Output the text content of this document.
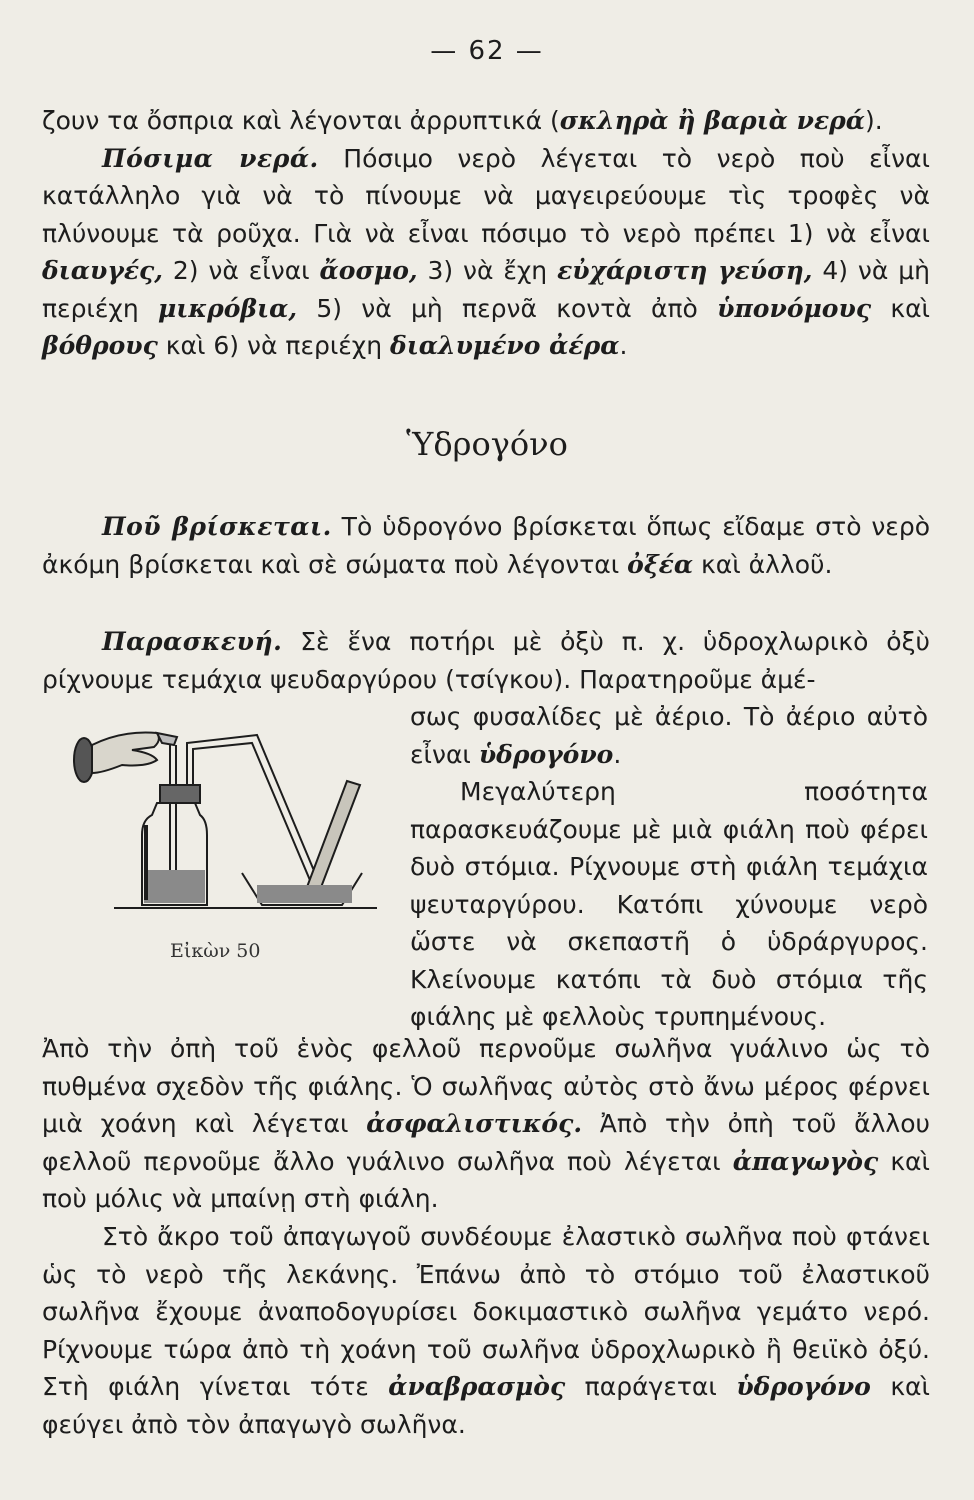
— 62 —

ζουν τα ὄσπρια καὶ λέγονται ἀρρυπτικά (σκληρὰ ἢ βαριὰ νερά).

Πόσιμα νερά. Πόσιμο νερὸ λέγεται τὸ νερὸ ποὺ εἶναι κατάλληλο γιὰ νὰ τὸ πίνουμε νὰ μαγειρεύουμε τὶς τροφὲς νὰ πλύνουμε τὰ ροῦχα. Γιὰ νὰ εἶναι πόσιμο τὸ νερὸ πρέπει 1) νὰ εἶναι διαυγές, 2) νὰ εἶναι ἄοσμο, 3) νὰ ἔχη εὐχάριστη γεύση, 4) νὰ μὴ περιέχη μικρόβια, 5) νὰ μὴ περνᾶ κοντὰ ἀπὸ ὑπονόμους καὶ βόθρους καὶ 6) νὰ περιέχη διαλυμένο ἀέρα.

Ὑδρογόνο

Ποῦ βρίσκεται. Τὸ ὑδρογόνο βρίσκεται ὅπως εἴδαμε στὸ νερὸ ἀκόμη βρίσκεται καὶ σὲ σώματα ποὺ λέγονται ὀξέα καὶ ἀλλοῦ.

Παρασκευή. Σὲ ἕνα ποτήρι μὲ ὀξὺ π. χ. ὑδροχλωρικὸ ὀξὺ ρίχνουμε τεμάχια ψευδαργύρου (τσίγκου). Παρατηροῦμε ἀμέ-

σως φυσαλίδες μὲ ἀέριο. Τὸ ἀέριο αὐτὸ εἶναι ὑδρογόνο.

Μεγαλύτερη ποσότητα παρασκευάζουμε μὲ μιὰ φιάλη ποὺ φέρει δυὸ στόμια. Ρίχνουμε στὴ φιάλη τεμάχια ψευταργύρου. Κατόπι χύνουμε νερὸ ὥστε νὰ σκεπαστῆ ὁ ὑδράργυρος. Κλείνουμε κατόπι τὰ δυὸ στόμια τῆς φιάλης μὲ φελλοὺς τρυπημένους.

Εἰκὼν 50

Ἀπὸ τὴν ὀπὴ τοῦ ἑνὸς φελλοῦ περνοῦμε σωλῆνα γυάλινο ὡς τὸ πυθμένα σχεδὸν τῆς φιάλης. Ὁ σωλῆνας αὐτὸς στὸ ἄνω μέρος φέρνει μιὰ χοάνη καὶ λέγεται ἀσφαλιστικός. Ἀπὸ τὴν ὀπὴ τοῦ ἄλλου φελλοῦ περνοῦμε ἄλλο γυάλινο σωλῆνα ποὺ λέγεται ἀπαγωγὸς καὶ ποὺ μόλις νὰ μπαίνῃ στὴ φιάλη.

Στὸ ἄκρο τοῦ ἀπαγωγοῦ συνδέουμε ἐλαστικὸ σωλῆνα ποὺ φτάνει ὡς τὸ νερὸ τῆς λεκάνης. Ἐπάνω ἀπὸ τὸ στόμιο τοῦ ἐλαστικοῦ σωλῆνα ἔχουμε ἀναποδογυρίσει δοκιμαστικὸ σωλῆνα γεμάτο νερό. Ρίχνουμε τώρα ἀπὸ τὴ χοάνη τοῦ σωλῆνα ὑδροχλωρικὸ ἢ θειϊκὸ ὀξύ. Στὴ φιάλη γίνεται τότε ἀναβρασμὸς παράγεται ὑδρογόνο καὶ φεύγει ἀπὸ τὸν ἀπαγωγὸ σωλῆνα.
